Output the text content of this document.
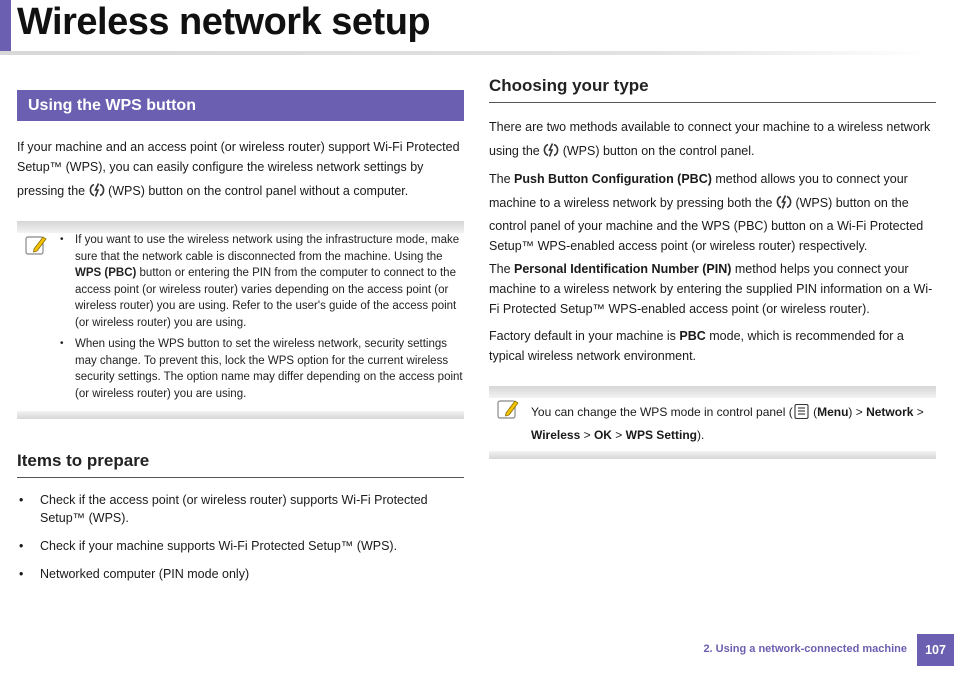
Wireless network setup
Using the WPS button
If your machine and an access point (or wireless router) support Wi-Fi Protected
Setup™ (WPS), you can easily configure the wireless network settings by
pressing the (WPS) button on the control panel without a computer.
• If you want to use the wireless network using the infrastructure mode, make sure that the network cable is disconnected from the machine. Using the WPS (PBC) button or entering the PIN from the computer to connect to the access point (or wireless router) varies depending on the access point (or wireless router) you are using. Refer to the user's guide of the access point (or wireless router) you are using.
• When using the WPS button to set the wireless network, security settings may change. To prevent this, lock the WPS option for the current wireless security settings. The option name may differ depending on the access point (or wireless router) you are using.
Items to prepare
• Check if the access point (or wireless router) supports Wi-Fi Protected Setup™ (WPS).
• Check if your machine supports Wi-Fi Protected Setup™ (WPS).
• Networked computer (PIN mode only)
Choosing your type
There are two methods available to connect your machine to a wireless network
using the (WPS) button on the control panel.
The Push Button Configuration (PBC) method allows you to connect your
machine to a wireless network by pressing both the (WPS) button on the
control panel of your machine and the WPS (PBC) button on a Wi-Fi Protected Setup™ WPS-enabled access point (or wireless router) respectively.
The Personal Identification Number (PIN) method helps you connect your machine to a wireless network by entering the supplied PIN information on a Wi-Fi Protected Setup™ WPS-enabled access point (or wireless router).
Factory default in your machine is PBC mode, which is recommended for a typical wireless network environment.
You can change the WPS mode in control panel ( (Menu) > Network >
Wireless > OK > WPS Setting).
2. Using a network-connected machine	107
